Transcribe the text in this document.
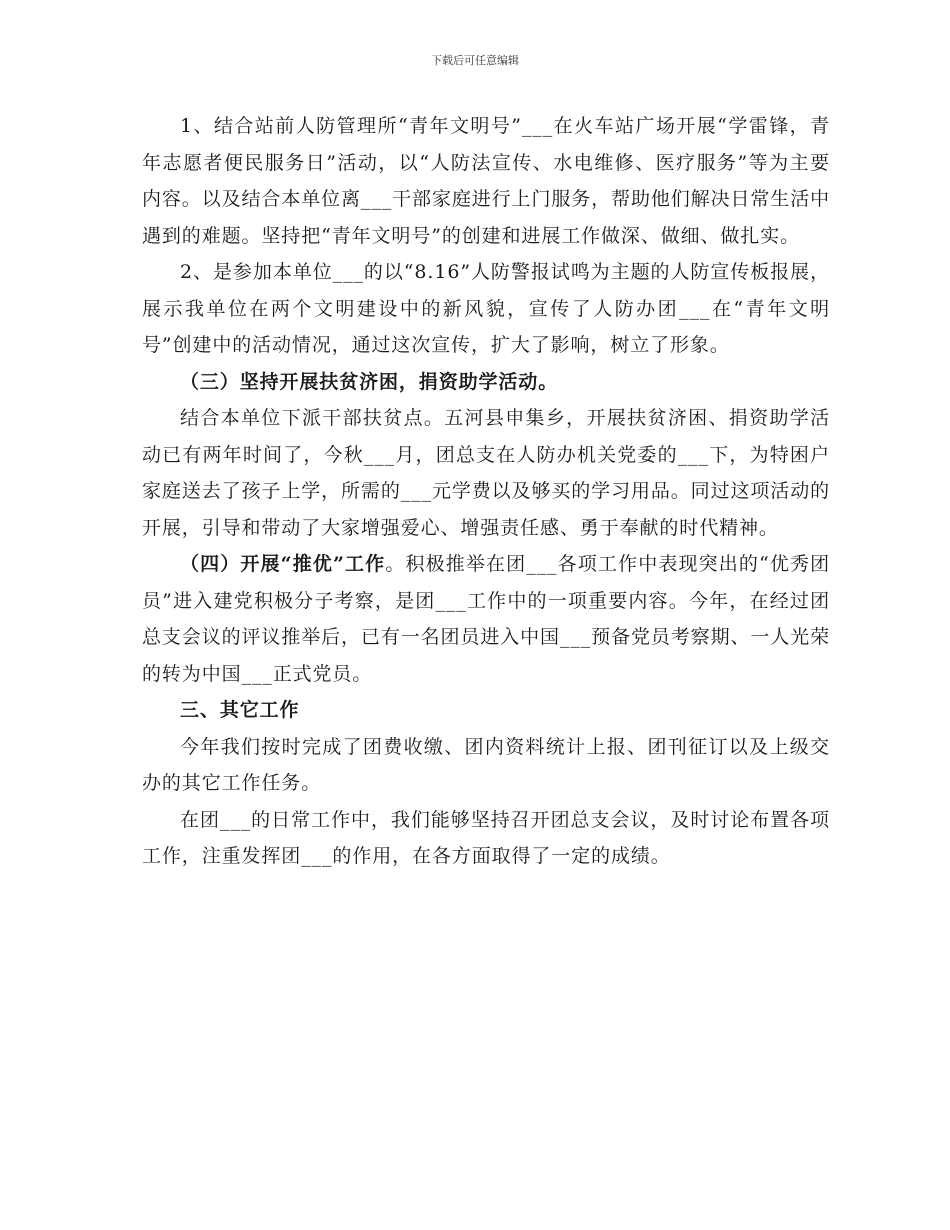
下载后可任意编辑

1、结合站前人防管理所“青年文明号”___在火车站广场开展“学雷锋，青年志愿者便民服务日”活动，以“人防法宣传、水电维修、医疗服务”等为主要内容。以及结合本单位离___干部家庭进行上门服务，帮助他们解决日常生活中遇到的难题。坚持把“青年文明号”的创建和进展工作做深、做细、做扎实。

2、是参加本单位___的以“8.16”人防警报试鸣为主题的人防宣传板报展，展示我单位在两个文明建设中的新风貌，宣传了人防办团___在“青年文明号”创建中的活动情况，通过这次宣传，扩大了影响，树立了形象。

（三）坚持开展扶贫济困，捐资助学活动。

结合本单位下派干部扶贫点。五河县申集乡，开展扶贫济困、捐资助学活动已有两年时间了，今秋___月，团总支在人防办机关党委的___下，为特困户家庭送去了孩子上学，所需的___元学费以及够买的学习用品。同过这项活动的开展，引导和带动了大家增强爱心、增强责任感、勇于奉献的时代精神。

（四）开展“推优”工作。积极推举在团___各项工作中表现突出的“优秀团员”进入建党积极分子考察，是团___工作中的一项重要内容。今年，在经过团总支会议的评议推举后，已有一名团员进入中国___预备党员考察期、一人光荣的转为中国___正式党员。

三、其它工作

今年我们按时完成了团费收缴、团内资料统计上报、团刊征订以及上级交办的其它工作任务。

在团___的日常工作中，我们能够坚持召开团总支会议，及时讨论布置各项工作，注重发挥团___的作用，在各方面取得了一定的成绩。
